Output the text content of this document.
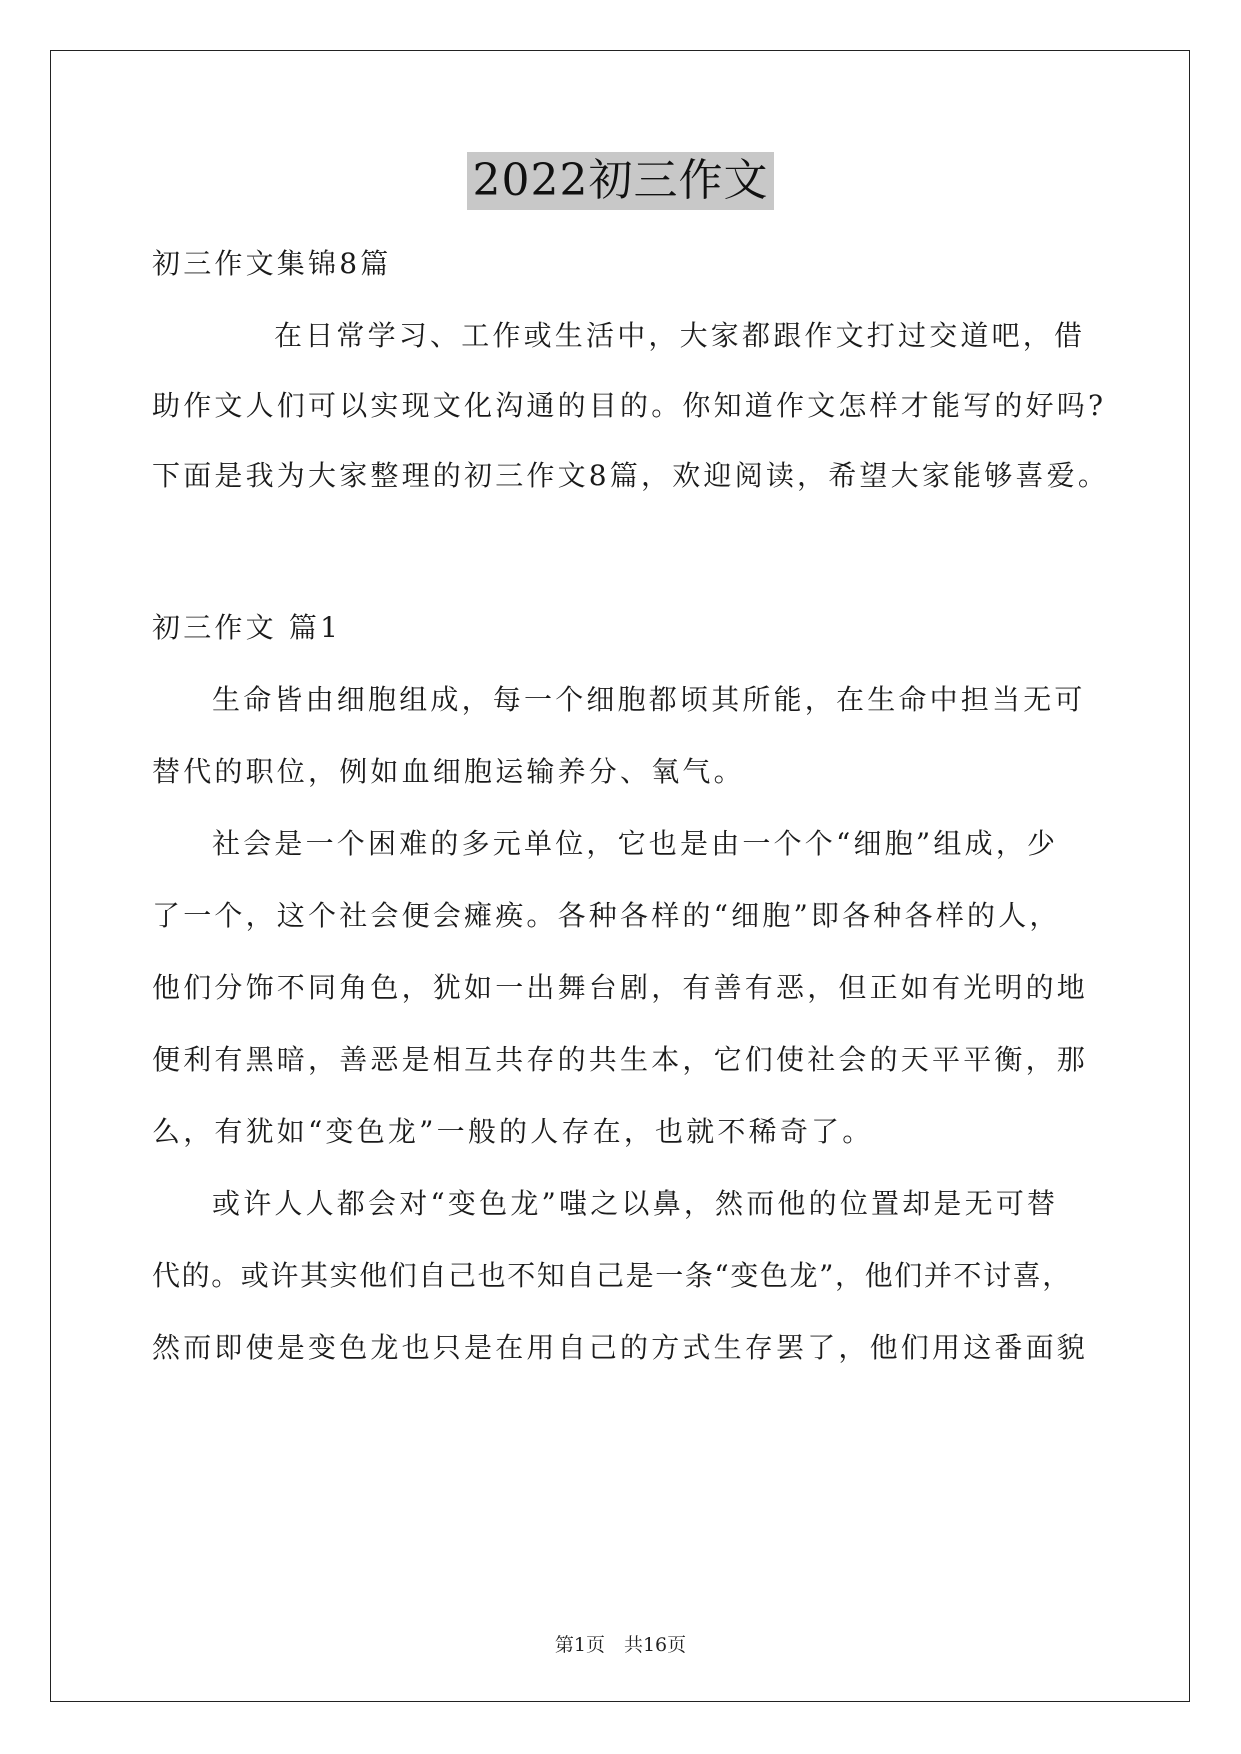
2022初三作文
初三作文集锦8篇
在日常学习、工作或生活中，大家都跟作文打过交道吧，借
助作文人们可以实现文化沟通的目的。你知道作文怎样才能写的好吗?
下面是我为大家整理的初三作文8篇，欢迎阅读，希望大家能够喜爱。
初三作文 篇1
生命皆由细胞组成，每一个细胞都顷其所能，在生命中担当无可
替代的职位，例如血细胞运输养分、氧气。
社会是一个困难的多元单位，它也是由一个个“细胞”组成，少
了一个，这个社会便会瘫痪。各种各样的“细胞”即各种各样的人，
他们分饰不同角色，犹如一出舞台剧，有善有恶，但正如有光明的地
便利有黑暗，善恶是相互共存的共生本，它们使社会的天平平衡，那
么，有犹如“变色龙”一般的人存在，也就不稀奇了。
或许人人都会对“变色龙”嗤之以鼻，然而他的位置却是无可替
代的。或许其实他们自己也不知自己是一条“变色龙”，他们并不讨喜，
然而即使是变色龙也只是在用自己的方式生存罢了，他们用这番面貌
第1页　共16页
